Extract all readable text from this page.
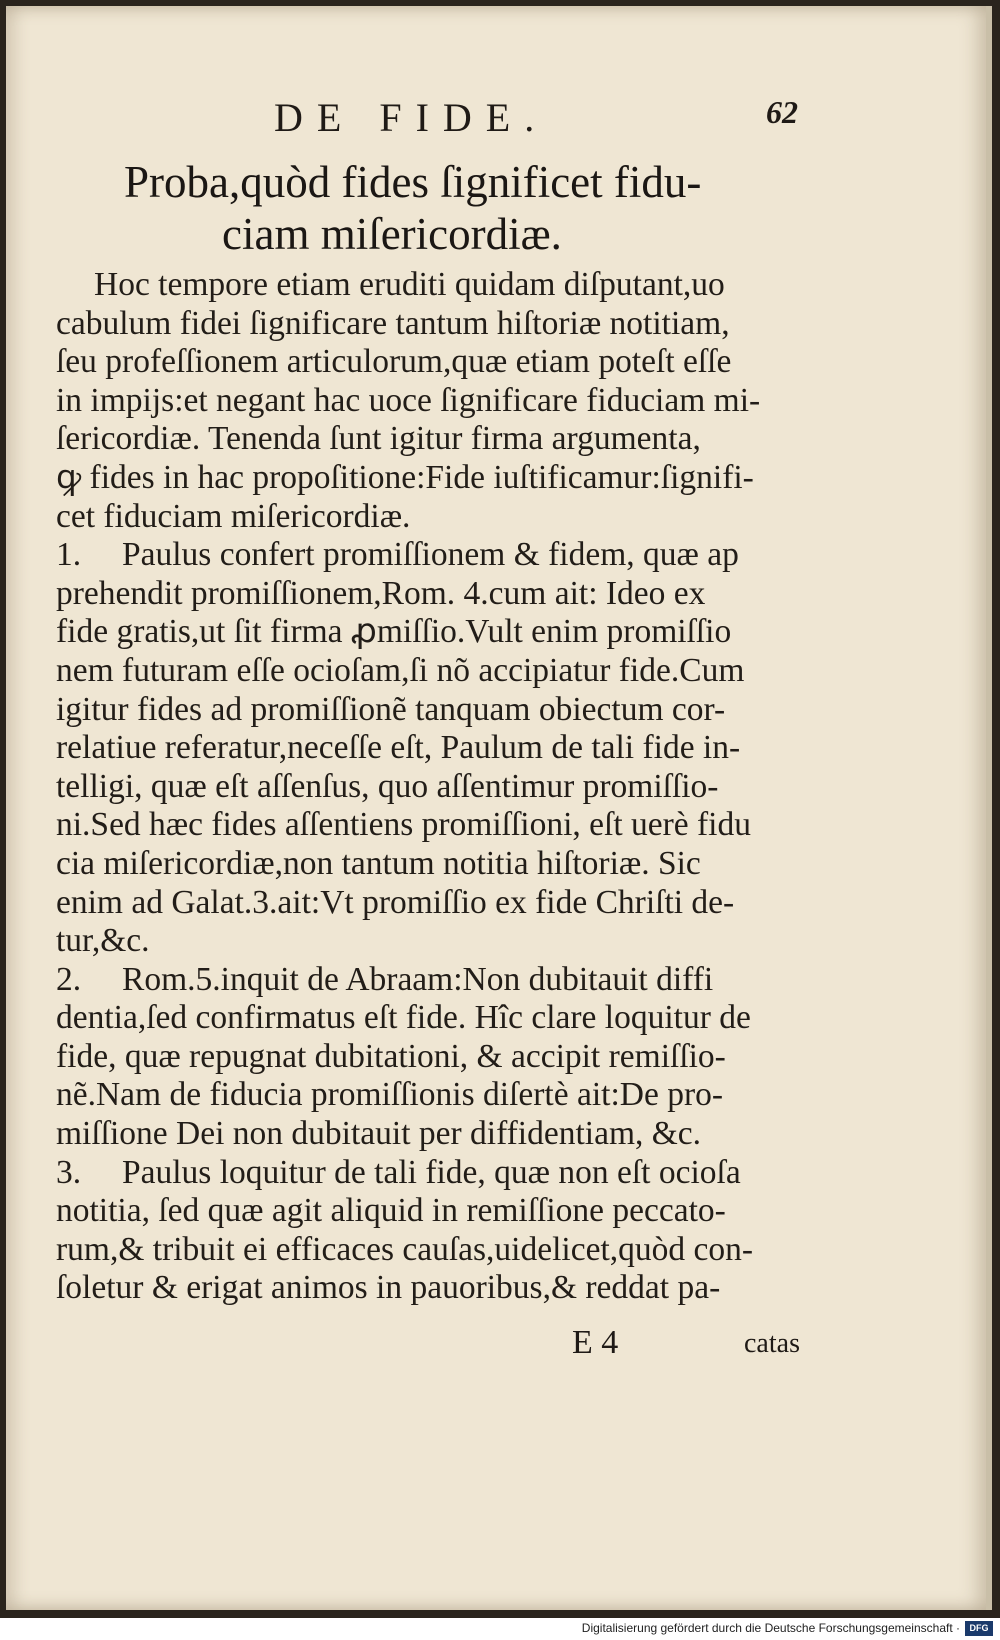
DE FIDE.	62
Proba,quòd fides ſignificet fidu-
ciam miſericordiæ.
Hoc tempore etiam eruditi quidam diſputant,uo
cabulum fidei ſignificare tantum hiſtoriæ notitiam,
ſeu profeſſionem articulorum,quæ etiam poteſt eſſe
in impijs:et negant hac uoce ſignificare fiduciam mi-
ſericordiæ. Tenenda ſunt igitur firma argumenta,
ꝙ fides in hac propoſitione:Fide iuſtificamur:ſignifi-
cet fiduciam miſericordiæ.
1. Paulus confert promiſſionem & fidem, quæ ap
prehendit promiſſionem,Rom. 4.cum ait: Ideo ex
fide gratis,ut ſit firma ꝓmiſſio.Vult enim promiſſio
nem futuram eſſe ocioſam,ſi nõ accipiatur fide.Cum
igitur fides ad promiſſionẽ tanquam obiectum cor-
relatiue referatur,neceſſe eſt, Paulum de tali fide in-
telligi, quæ eſt aſſenſus, quo aſſentimur promiſſio-
ni.Sed hæc fides aſſentiens promiſſioni, eſt uerè fidu
cia miſericordiæ,non tantum notitia hiſtoriæ. Sic
enim ad Galat.3.ait:Vt promiſſio ex fide Chriſti de-
tur,&c.
2. Rom.5.inquit de Abraam:Non dubitauit diffi
dentia,ſed confirmatus eſt fide. Hîc clare loquitur de
fide, quæ repugnat dubitationi, & accipit remiſſio-
nẽ.Nam de fiducia promiſſionis diſertè ait:De pro-
miſſione Dei non dubitauit per diffidentiam, &c.
3. Paulus loquitur de tali fide, quæ non eſt ocioſa
notitia, ſed quæ agit aliquid in remiſſione peccato-
rum,& tribuit ei efficaces cauſas,uidelicet,quòd con-
ſoletur & erigat animos in pauoribus,& reddat pa-
E 4	catas
Digitalisierung gefördert durch die Deutsche Forschungsgemeinschaft ·	DFG
